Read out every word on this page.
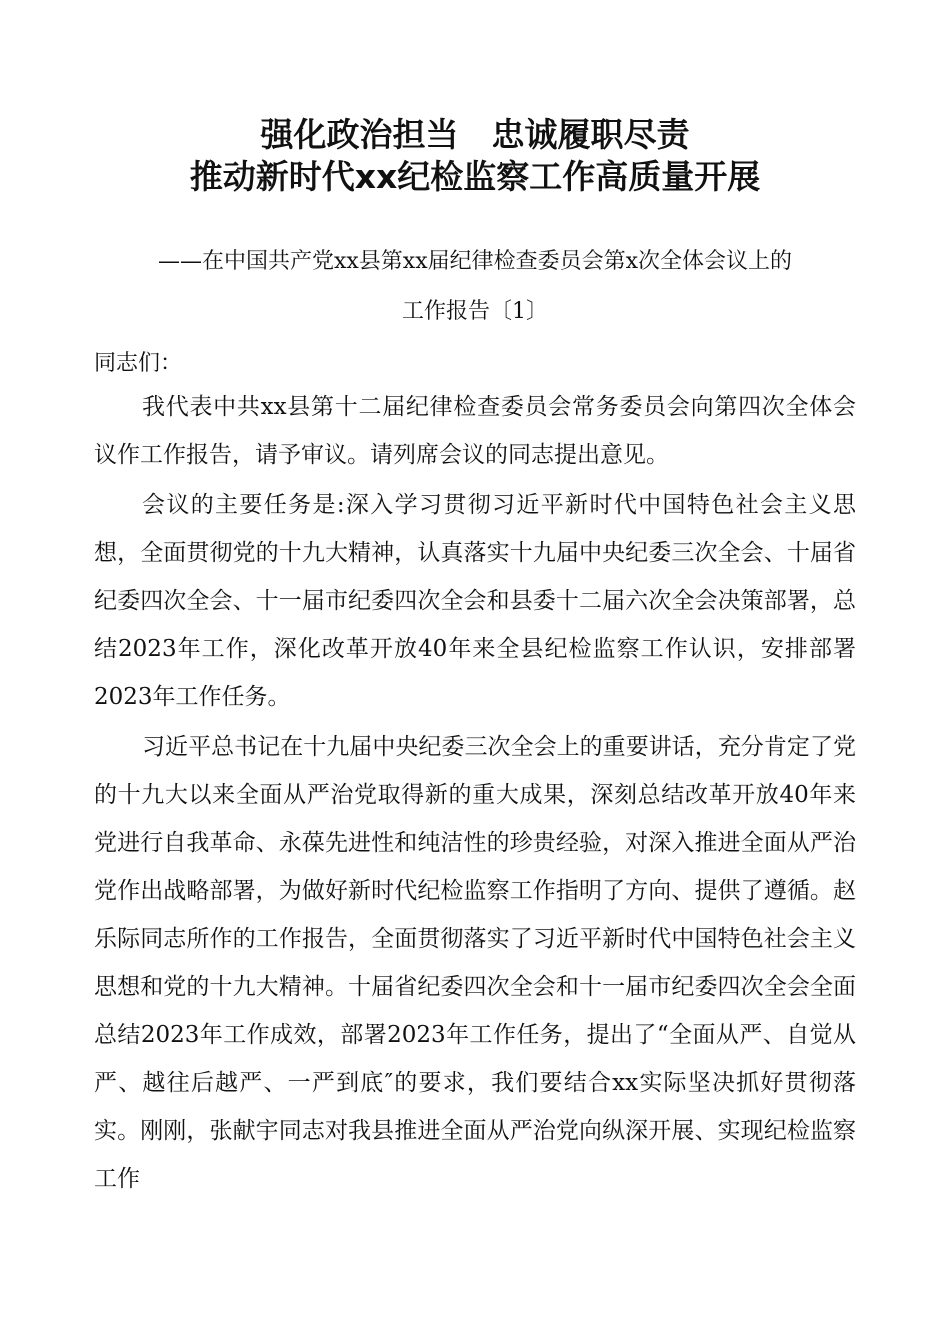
强化政治担当　忠诚履职尽责
推动新时代xx纪检监察工作高质量开展
——在中国共产党xx县第xx届纪律检查委员会第x次全体会议上的
工作报告〔1〕
同志们：

我代表中共xx县第十二届纪律检查委员会常务委员会向第四次全体会议作工作报告，请予审议。请列席会议的同志提出意见。

会议的主要任务是:深入学习贯彻习近平新时代中国特色社会主义思想，全面贯彻党的十九大精神，认真落实十九届中央纪委三次全会、十届省纪委四次全会、十一届市纪委四次全会和县委十二届六次全会决策部署，总结2023年工作，深化改革开放40年来全县纪检监察工作认识，安排部署2023年工作任务。

习近平总书记在十九届中央纪委三次全会上的重要讲话，充分肯定了党的十九大以来全面从严治党取得新的重大成果，深刻总结改革开放40年来党进行自我革命、永葆先进性和纯洁性的珍贵经验，对深入推进全面从严治党作出战略部署，为做好新时代纪检监察工作指明了方向、提供了遵循。赵乐际同志所作的工作报告，全面贯彻落实了习近平新时代中国特色社会主义思想和党的十九大精神。十届省纪委四次全会和十一届市纪委四次全会全面总结2023年工作成效，部署2023年工作任务，提出了“全面从严、自觉从严、越往后越严、一严到底″的要求，我们要结合xx实际坚决抓好贯彻落实。刚刚，张献宇同志对我县推进全面从严治党向纵深开展、实现纪检监察工作
